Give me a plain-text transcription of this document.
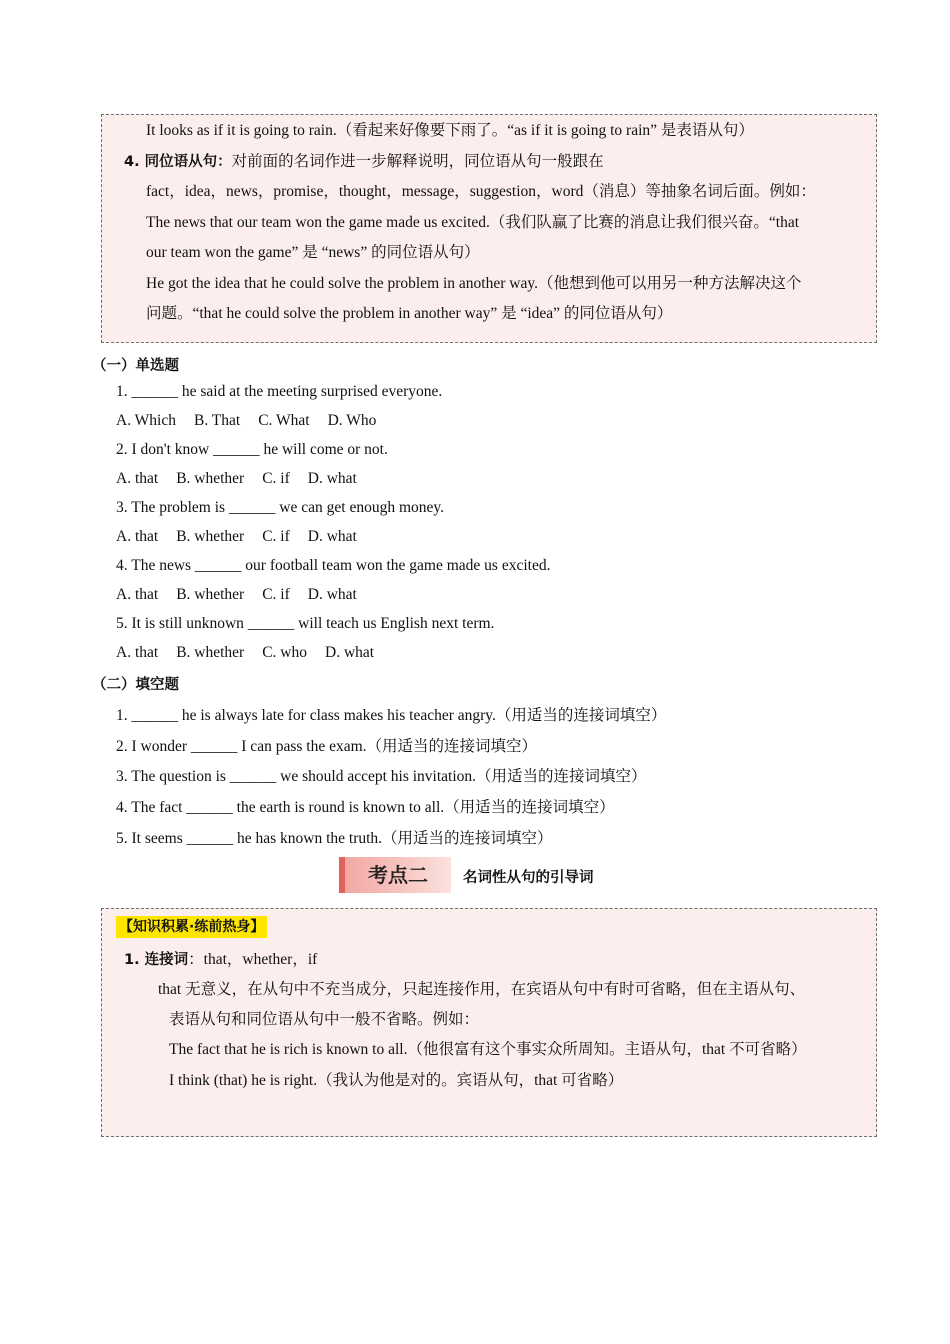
It looks as if it is going to rain.（看起来好像要下雨了。“as if it is going to rain” 是表语从句）
4. 同位语从句：对前面的名词作进一步解释说明，同位语从句一般跟在
fact，idea，news，promise，thought，message，suggestion，word（消息）等抽象名词后面。例如：
The news that our team won the game made us excited.（我们队赢了比赛的消息让我们很兴奋。“that
our team won the game” 是 “news” 的同位语从句）
He got the idea that he could solve the problem in another way.（他想到他可以用另一种方法解决这个
问题。“that he could solve the problem in another way” 是 “idea” 的同位语从句）
（一）单选题
1. ______ he said at the meeting surprised everyone.
A. Which B. That C. What D. Who
2. I don't know ______ he will come or not.
A. that B. whether C. if D. what
3. The problem is ______ we can get enough money.
A. that B. whether C. if D. what
4. The news ______ our football team won the game made us excited.
A. that B. whether C. if D. what
5. It is still unknown ______ will teach us English next term.
A. that B. whether C. who D. what
（二）填空题
1. ______ he is always late for class makes his teacher angry.（用适当的连接词填空）
2. I wonder ______ I can pass the exam.（用适当的连接词填空）
3. The question is ______ we should accept his invitation.（用适当的连接词填空）
4. The fact ______ the earth is round is known to all.（用适当的连接词填空）
5. It seems ______ he has known the truth.（用适当的连接词填空）
考点二	名词性从句的引导词
【知识积累·练前热身】
1. 连接词：that，whether，if
that 无意义，在从句中不充当成分，只起连接作用，在宾语从句中有时可省略，但在主语从句、
表语从句和同位语从句中一般不省略。例如：
The fact that he is rich is known to all.（他很富有这个事实众所周知。主语从句，that 不可省略）
I think (that) he is right.（我认为他是对的。宾语从句，that 可省略）
